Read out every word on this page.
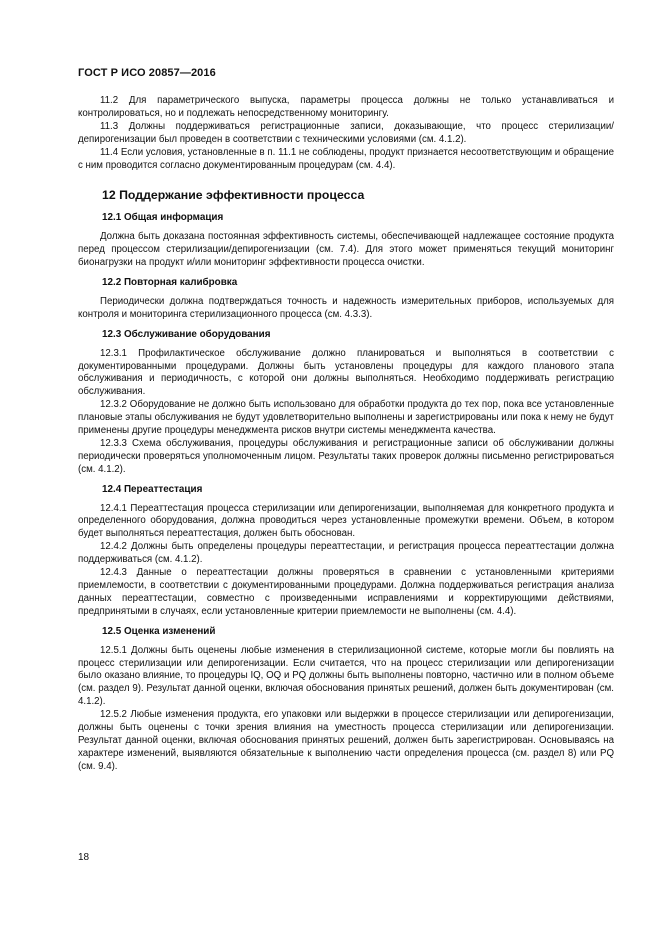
ГОСТ Р ИСО 20857—2016

11.2 Для параметрического выпуска, параметры процесса должны не только устанавливаться и контролироваться, но и подлежать непосредственному мониторингу.

11.3 Должны поддерживаться регистрационные записи, доказывающие, что процесс стерилизации/депирогенизации был проведен в соответствии с техническими условиями (см. 4.1.2).

11.4 Если условия, установленные в п. 11.1 не соблюдены, продукт признается несоответствующим и обращение с ним проводится согласно документированным процедурам (см. 4.4).

12 Поддержание эффективности процесса
12.1 Общая информация

Должна быть доказана постоянная эффективность системы, обеспечивающей надлежащее состояние продукта перед процессом стерилизации/депирогенизации (см. 7.4). Для этого может применяться текущий мониторинг бионагрузки на продукт и/или мониторинг эффективности процесса очистки.

12.2 Повторная калибровка

Периодически должна подтверждаться точность и надежность измерительных приборов, используемых для контроля и мониторинга стерилизационного процесса (см. 4.3.3).

12.3 Обслуживание оборудования

12.3.1 Профилактическое обслуживание должно планироваться и выполняться в соответствии с документированными процедурами. Должны быть установлены процедуры для каждого планового этапа обслуживания и периодичность, с которой они должны выполняться. Необходимо поддерживать регистрацию обслуживания.

12.3.2 Оборудование не должно быть использовано для обработки продукта до тех пор, пока все установленные плановые этапы обслуживания не будут удовлетворительно выполнены и зарегистрированы или пока к нему не будут применены другие процедуры менеджмента рисков внутри системы менеджмента качества.

12.3.3 Схема обслуживания, процедуры обслуживания и регистрационные записи об обслуживании должны периодически проверяться уполномоченным лицом. Результаты таких проверок должны письменно регистрироваться (см. 4.1.2).

12.4 Переаттестация

12.4.1 Переаттестация процесса стерилизации или депирогенизации, выполняемая для конкретного продукта и определенного оборудования, должна проводиться через установленные промежутки времени. Объем, в котором будет выполняться переаттестация, должен быть обоснован.

12.4.2 Должны быть определены процедуры переаттестации, и регистрация процесса переаттестации должна поддерживаться (см. 4.1.2).

12.4.3 Данные о переаттестации должны проверяться в сравнении с установленными критериями приемлемости, в соответствии с документированными процедурами. Должна поддерживаться регистрация анализа данных переаттестации, совместно с произведенными исправлениями и корректирующими действиями, предпринятыми в случаях, если установленные критерии приемлемости не выполнены (см. 4.4).

12.5 Оценка изменений

12.5.1 Должны быть оценены любые изменения в стерилизационной системе, которые могли бы повлиять на процесс стерилизации или депирогенизации. Если считается, что на процесс стерилизации или депирогенизации было оказано влияние, то процедуры IQ, OQ и PQ должны быть выполнены повторно, частично или в полном объеме (см. раздел 9). Результат данной оценки, включая обоснования принятых решений, должен быть документирован (см. 4.1.2).

12.5.2 Любые изменения продукта, его упаковки или выдержки в процессе стерилизации или депирогенизации, должны быть оценены с точки зрения влияния на уместность процесса стерилизации или депирогенизации. Результат данной оценки, включая обоснования принятых решений, должен быть зарегистрирован. Основываясь на характере изменений, выявляются обязательные к выполнению части определения процесса (см. раздел 8) или PQ (см. 9.4).

18
